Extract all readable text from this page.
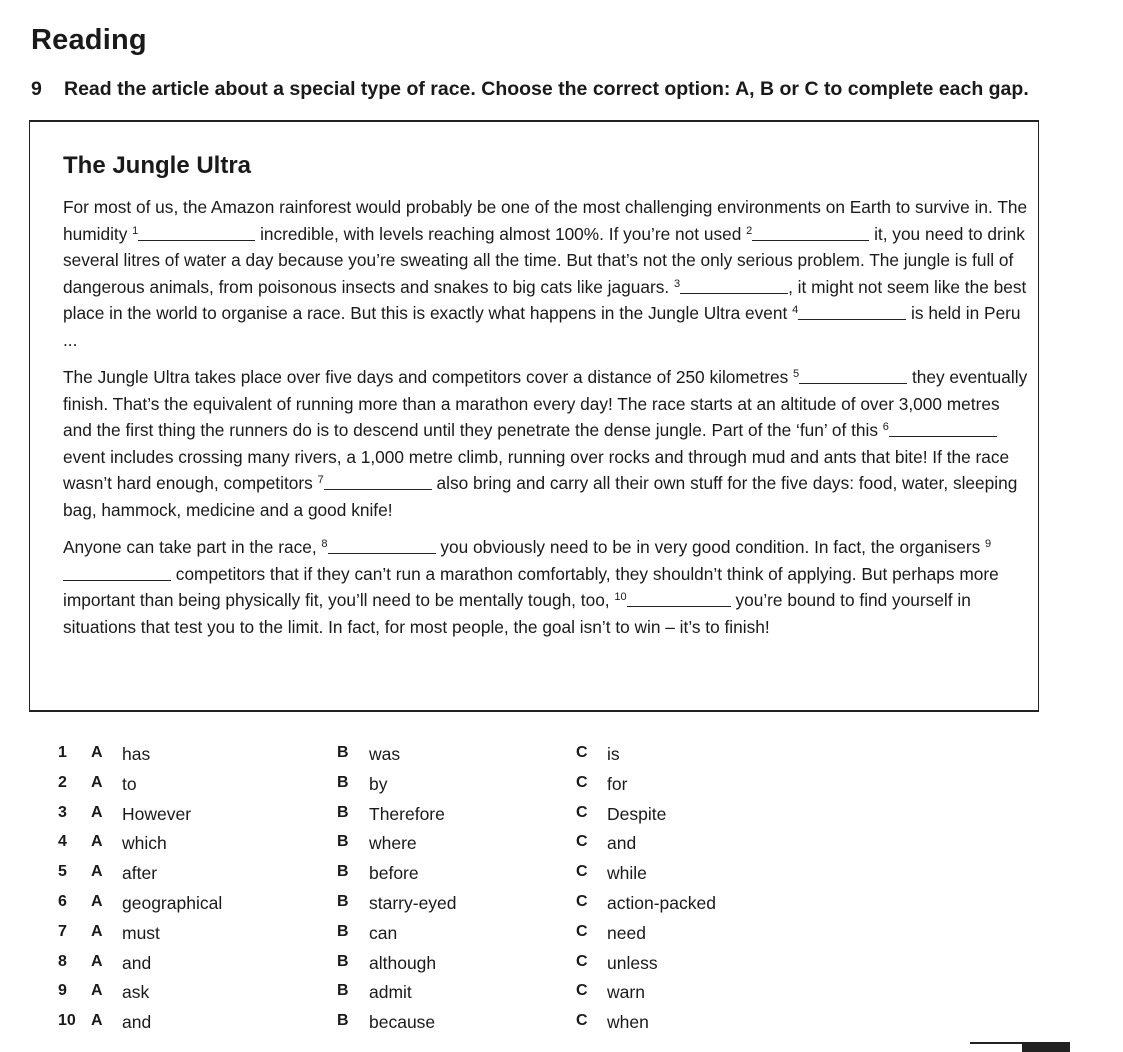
Reading
9 Read the article about a special type of race. Choose the correct option: A, B or C to complete each gap.
The Jungle Ultra

For most of us, the Amazon rainforest would probably be one of the most challenging environments on Earth to survive in. The humidity $^1$	incredible, with levels reaching almost 100%. If you’re not used $^2$	it, you need to drink several litres of water a day because you’re sweating all the time. But that’s not the only serious problem. The jungle is full of dangerous animals, from poisonous insects and snakes to big cats like jaguars. $^3$	, it might not seem like the best place in the world to organise a race. But this is exactly what happens in the Jungle Ultra event $^4$	is held in Peru ...

The Jungle Ultra takes place over five days and competitors cover a distance of 250 kilometres $^5$	they eventually finish. That’s the equivalent of running more than a marathon every day! The race starts at an altitude of over 3,000 metres and the first thing the runners do is to descend until they penetrate the dense jungle. Part of the ‘fun’ of this $^6$ event includes crossing many rivers, a 1,000 metre climb, running over rocks and through mud and ants that bite! If the race wasn’t hard enough, competitors $^7$	also bring and carry all their own stuff for the five days: food, water, sleeping bag, hammock, medicine and a good knife!

Anyone can take part in the race, $^8$	you obviously need to be in very good condition. In fact, the organisers $^9$ competitors that if they can’t run a marathon comfortably, they shouldn’t think of applying. But perhaps more important than being physically fit, you’ll need to be mentally tough, too, $^{10}$	you’re bound to find yourself in situations that test you to the limit. In fact, for most people, the goal isn’t to win – it’s to finish!

1 A has	B was	C is
2 A to	B by	C for
3 A However	B Therefore	C Despite
4 A which	B where	C and
5 A after	B before	C while
6 A geographical	B starry-eyed	C action-packed
7 A must	B can	C need
8 A and	B although	C unless
9 A ask	B admit	C warn
10 A and	B because	C when
